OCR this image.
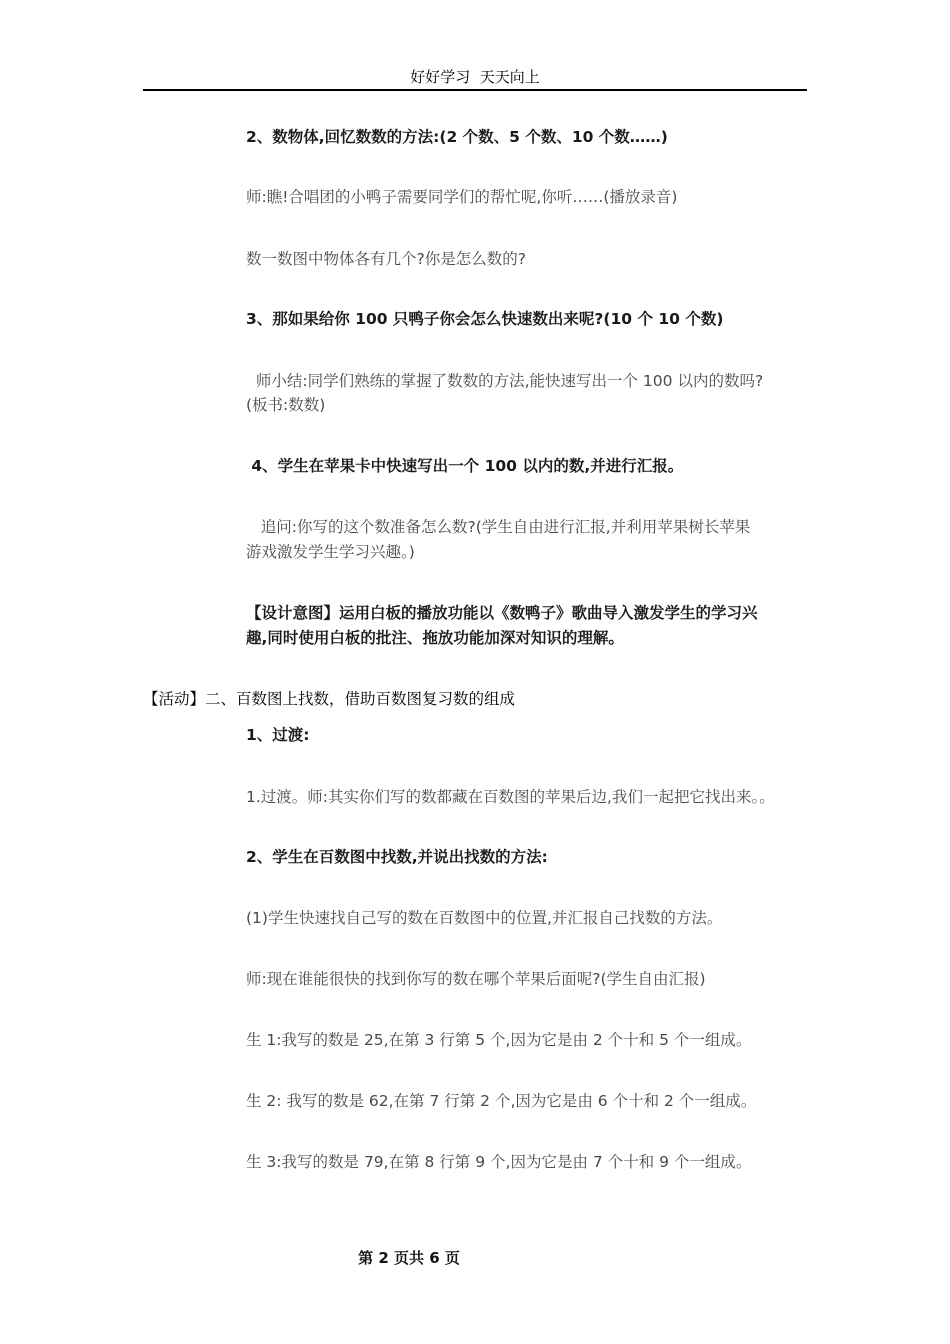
好好学习  天天向上
2、数物体,回忆数数的方法:(2 个数、5 个数、10 个数……)
师:瞧!合唱团的小鸭子需要同学们的帮忙呢,你听……(播放录音)
数一数图中物体各有几个?你是怎么数的?
3、那如果给你 100 只鸭子你会怎么快速数出来呢?(10 个 10 个数)
师小结:同学们熟练的掌握了数数的方法,能快速写出一个 100 以内的数吗?
(板书:数数)
4、学生在苹果卡中快速写出一个 100 以内的数,并进行汇报。
追问:你写的这个数准备怎么数?(学生自由进行汇报,并利用苹果树长苹果
游戏激发学生学习兴趣。)
【设计意图】运用白板的播放功能以《数鸭子》歌曲导入激发学生的学习兴
趣,同时使用白板的批注、拖放功能加深对知识的理解。
【活动】二、百数图上找数，借助百数图复习数的组成
1、过渡:
1.过渡。师:其实你们写的数都藏在百数图的苹果后边,我们一起把它找出来。。
2、学生在百数图中找数,并说出找数的方法:
(1)学生快速找自己写的数在百数图中的位置,并汇报自己找数的方法。
师:现在谁能很快的找到你写的数在哪个苹果后面呢?(学生自由汇报)
生 1:我写的数是 25,在第 3 行第 5 个,因为它是由 2 个十和 5 个一组成。
生 2: 我写的数是 62,在第 7 行第 2 个,因为它是由 6 个十和 2 个一组成。
生 3:我写的数是 79,在第 8 行第 9 个,因为它是由 7 个十和 9 个一组成。
第 2 页共 6 页
